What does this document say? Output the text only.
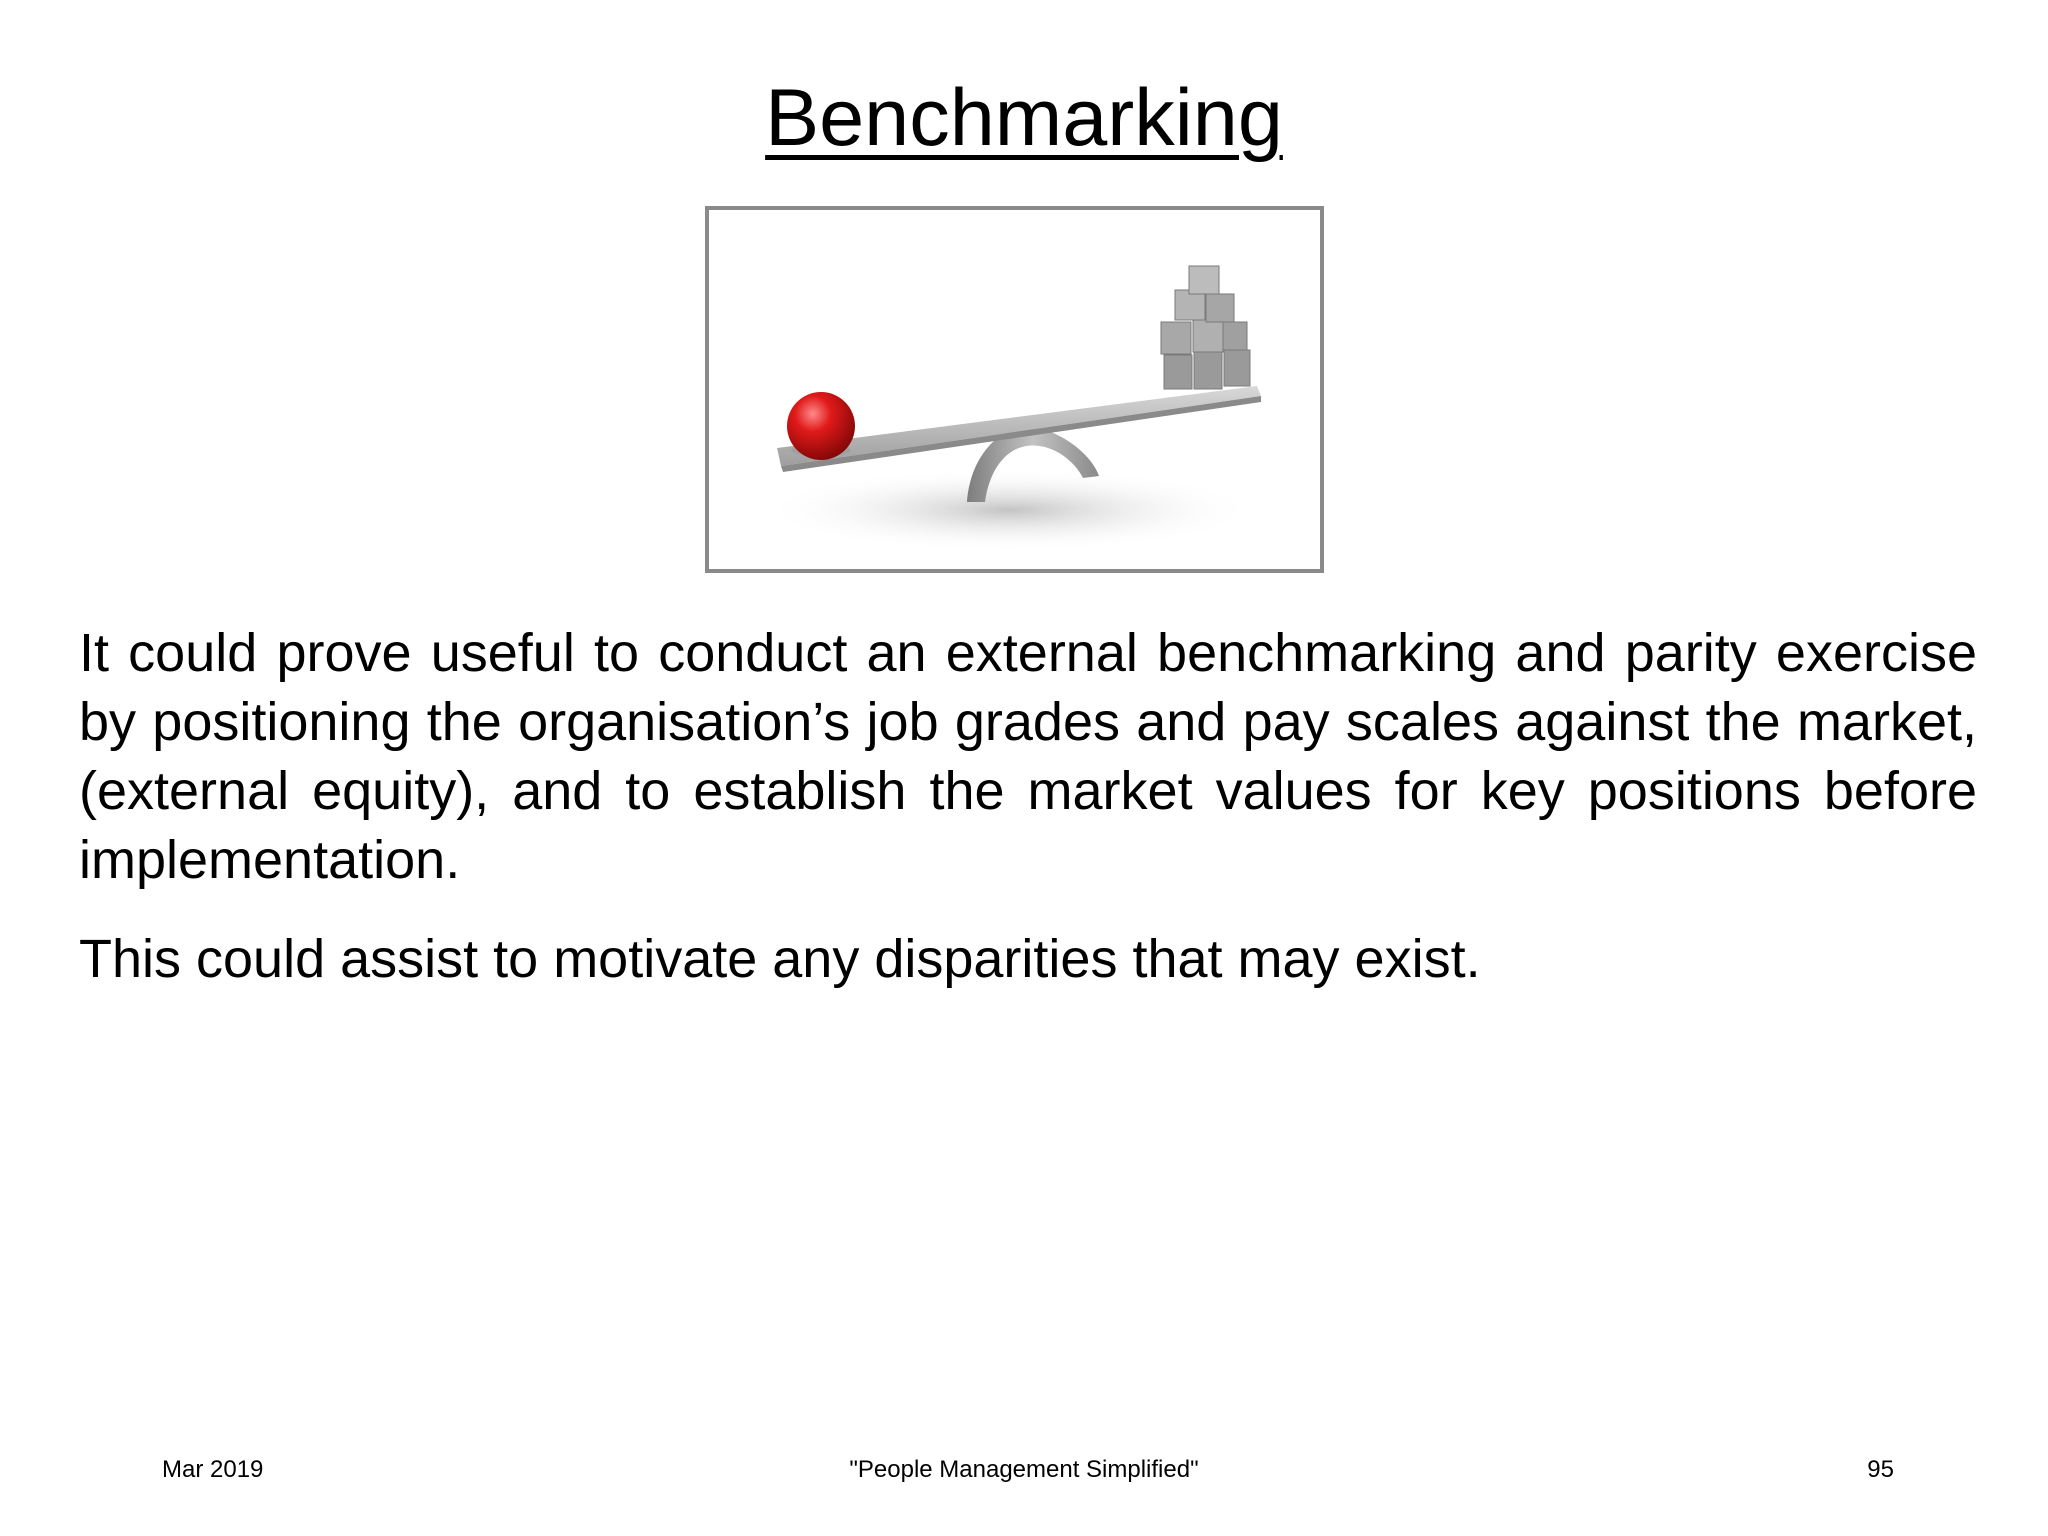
Benchmarking

It could prove useful to conduct an external benchmarking and parity exercise by positioning the organisation’s job grades and pay scales against the market, (external equity), and to establish the market values for key positions before implementation.

This could assist to motivate any disparities that may exist.

Mar 2019	"People Management Simplified"	95
